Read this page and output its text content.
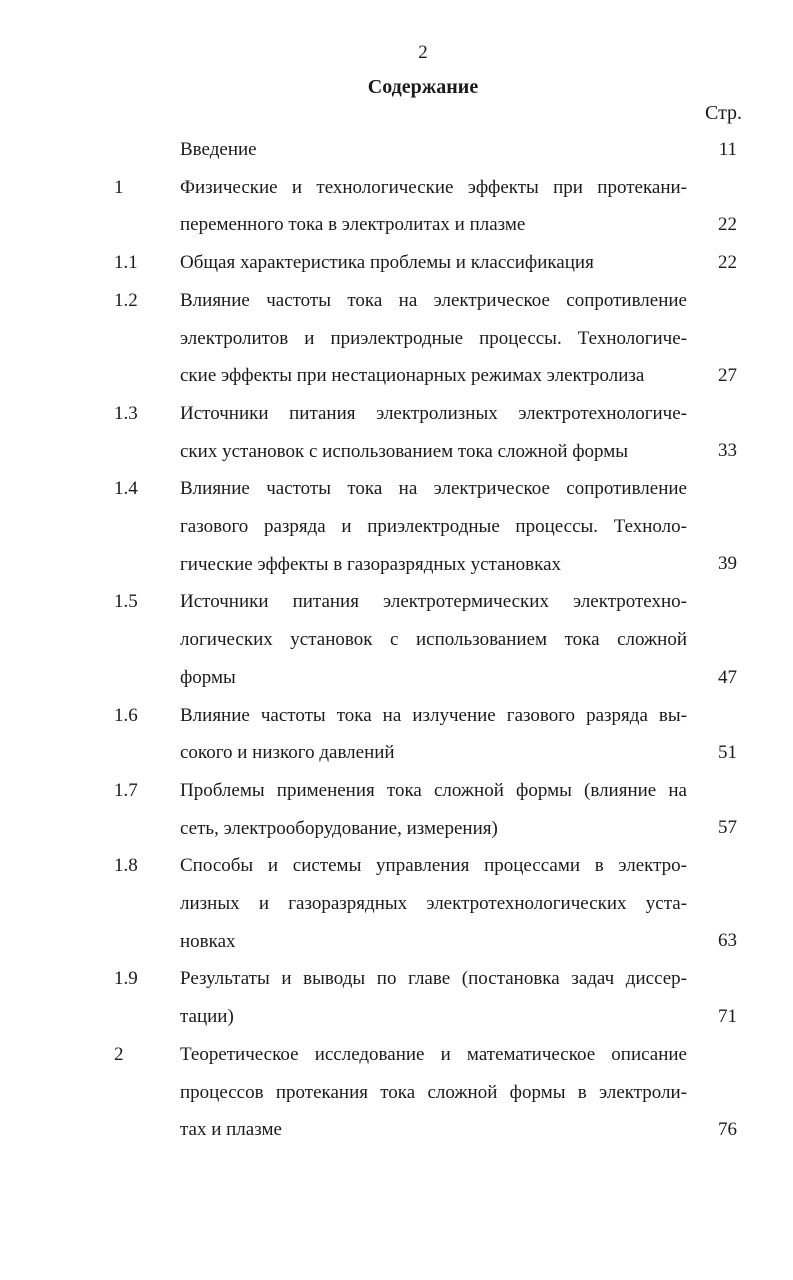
2
Содержание
Стр.
Введение	11
1	Физические и технологические эффекты при протекани-
переменного тока в электролитах и плазме	22
1.1 Общая характеристика проблемы и классификация	22
1.2 Влияние частоты тока на электрическое сопротивление
электролитов и приэлектродные процессы. Технологиче-
ские эффекты при нестационарных режимах электролиза	27
1.3 Источники питания электролизных электротехнологиче-
ских установок с использованием тока сложной формы	33
1.4 Влияние частоты тока на электрическое сопротивление
газового разряда и приэлектродные процессы. Техноло-
гические эффекты в газоразрядных установках	39
1.5 Источники питания электротермических электротехно-
логических установок с использованием тока сложной
формы	47
1.6 Влияние частоты тока на излучение газового разряда вы-
сокого и низкого давлений	51
1.7 Проблемы применения тока сложной формы (влияние на
сеть, электрооборудование, измерения)	57
1.8 Способы и системы управления процессами в электро-
лизных и газоразрядных электротехнологических уста-
новках	63
1.9 Результаты и выводы по главе (постановка задач диссер-
тации)	71
2	Теоретическое исследование и математическое описание
процессов протекания тока сложной формы в электроли-
тах и плазме	76
